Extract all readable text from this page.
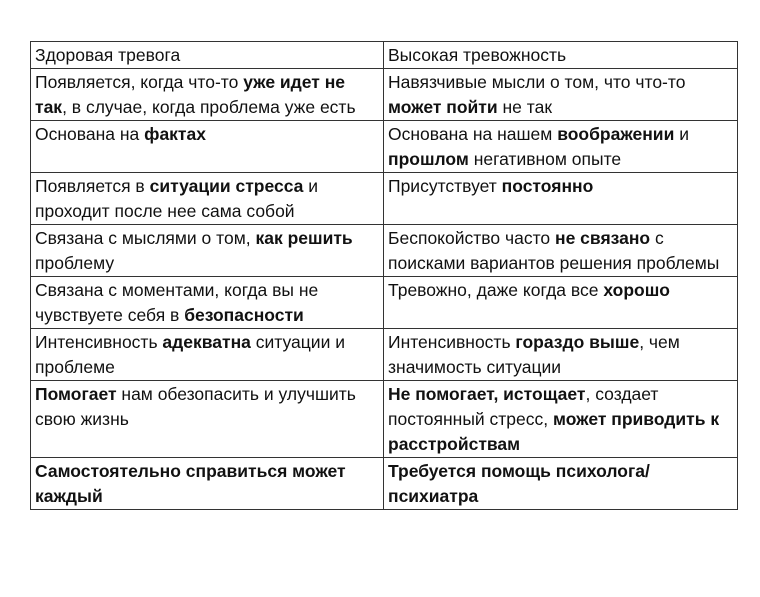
Здоровая тревога	Высокая тревожность
Появляется, когда что-то уже идет не так, в случае, когда проблема уже есть	Навязчивые мысли о том, что что-то может пойти не так
Основана на фактах	Основана на нашем воображении и прошлом негативном опыте
Появляется в ситуации стресса и проходит после нее сама собой	Присутствует постоянно
Связана с мыслями о том, как решить проблему	Беспокойство часто не связано с поисками вариантов решения проблемы
Связана с моментами, когда вы не чувствуете себя в безопасности	Тревожно, даже когда все хорошо
Интенсивность адекватна ситуации и проблеме	Интенсивность гораздо выше, чем значимость ситуации
Помогает нам обезопасить и улучшить свою жизнь	Не помогает, истощает, создает постоянный стресс, может приводить к расстройствам
Самостоятельно справиться может каждый	Требуется помощь психолога/психиатра
